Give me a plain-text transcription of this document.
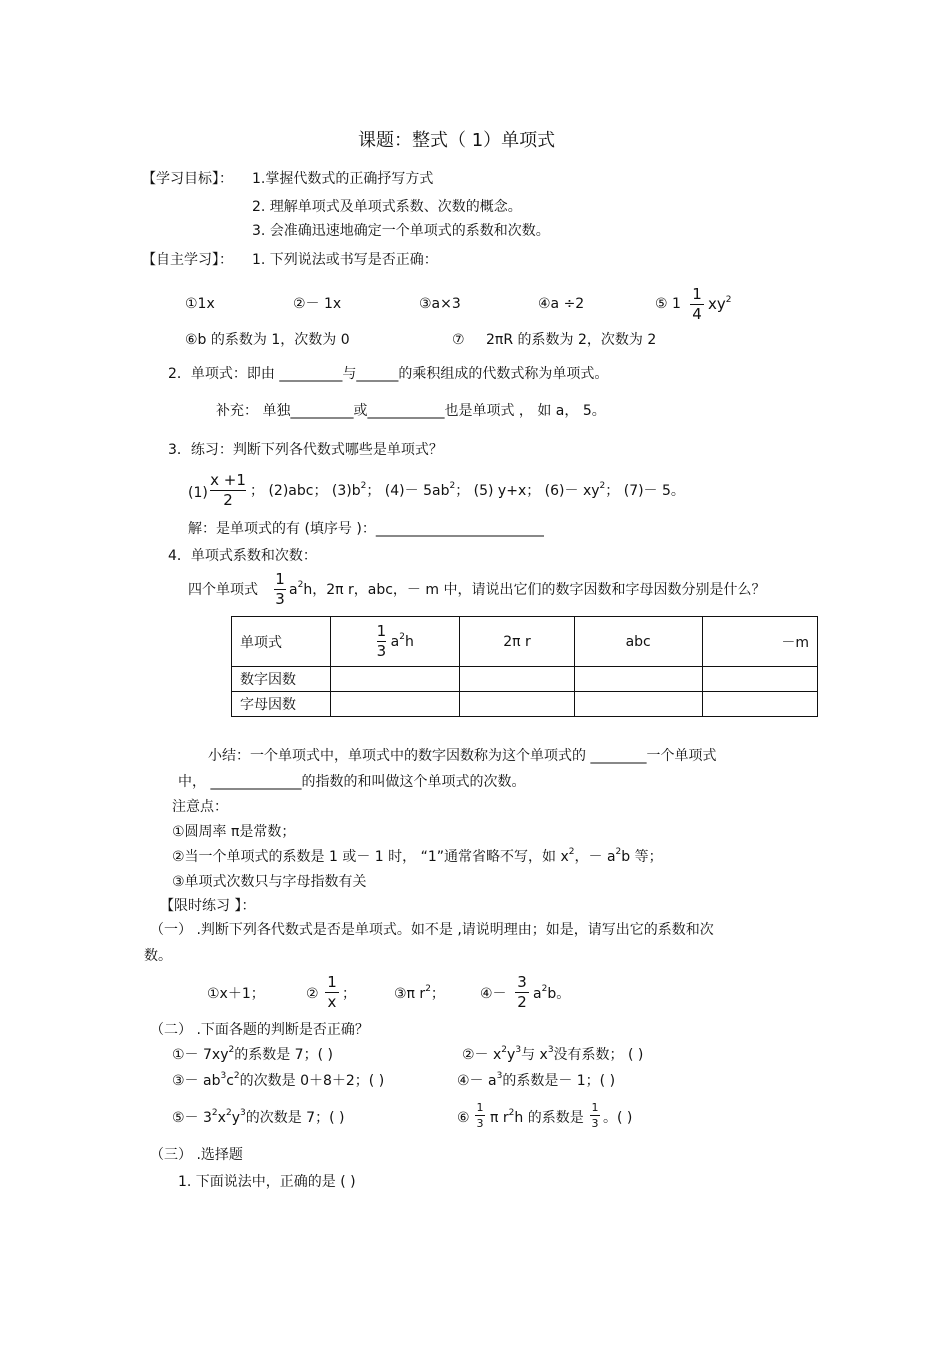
课题：整式（ 1）单项式
【学习目标】： 1.掌握代数式的正确抒写方式
2. 理解单项式及单项式系数、次数的概念。
3. 会准确迅速地确定一个单项式的系数和次数。
【自主学习】： 1. 下列说法或书写是否正确：
①1x	②－ 1x	③a×3	④a ÷2	⑤ 1
1
4
$xy^2$
⑥b 的系数为 1，次数为 0	⑦ 2πR 的系数为 2，次数为 2
2．单项式：即由 _________与______的乘积组成的代数式称为单项式。
补充： 单独_________或___________也是单项式 ， 如 a， 5。
3．练习：判断下列各代数式哪些是单项式？
(1)
x +1
2	； (2)abc； $(3)b^2$； $(4)- 5ab^2$； (5) y+x； $(6)- xy^2$； (7)－ 5。
解：是单项式的有 (填序号 )：________________________
4．单项式系数和次数：
四个单项式
1
3 $a^2h$，2π r，abc，－ m 中，请说出它们的数字因数和字母因数分别是什么？
单项式	$\frac{1}{3} a^2h$	2π r	abc	－m
数字因数				
字母因数				
小结：一个单项式中，单项式中的数字因数称为这个单项式的 ________一个单项式
中， _____________的指数的和叫做这个单项式的次数。
注意点：
①圆周率 π是常数；
②当一个单项式的系数是 1 或－ 1 时， “1”通常省略不写，如 $x^2$，－ $a^2b$ 等；
③单项式次数只与字母指数有关
【限时练习 】：
（一） .判断下列各代数式是否是单项式。如不是 ,请说明理由；如是，请写出它的系数和次
数。
①x＋1；	②
1
x ；	③π $r^2$；	④－
3
2 $a^2b$。
（二） .下面各题的判断是否正确？
①－ $7xy^2$的系数是 7；( )	②－ $x^2y^3$与 $x^3$没有系数； ( )
③－ $ab^3c^2$的次数是 0＋8＋2；( )	④－ $a^3$的系数是－ 1；( )
⑤－ $3^2x^2y^3$的次数是 7；( )	⑥
1
3 π $r^2h$ 的系数是
1
3 。( )
（三） .选择题
1. 下面说法中，正确的是 ( )
